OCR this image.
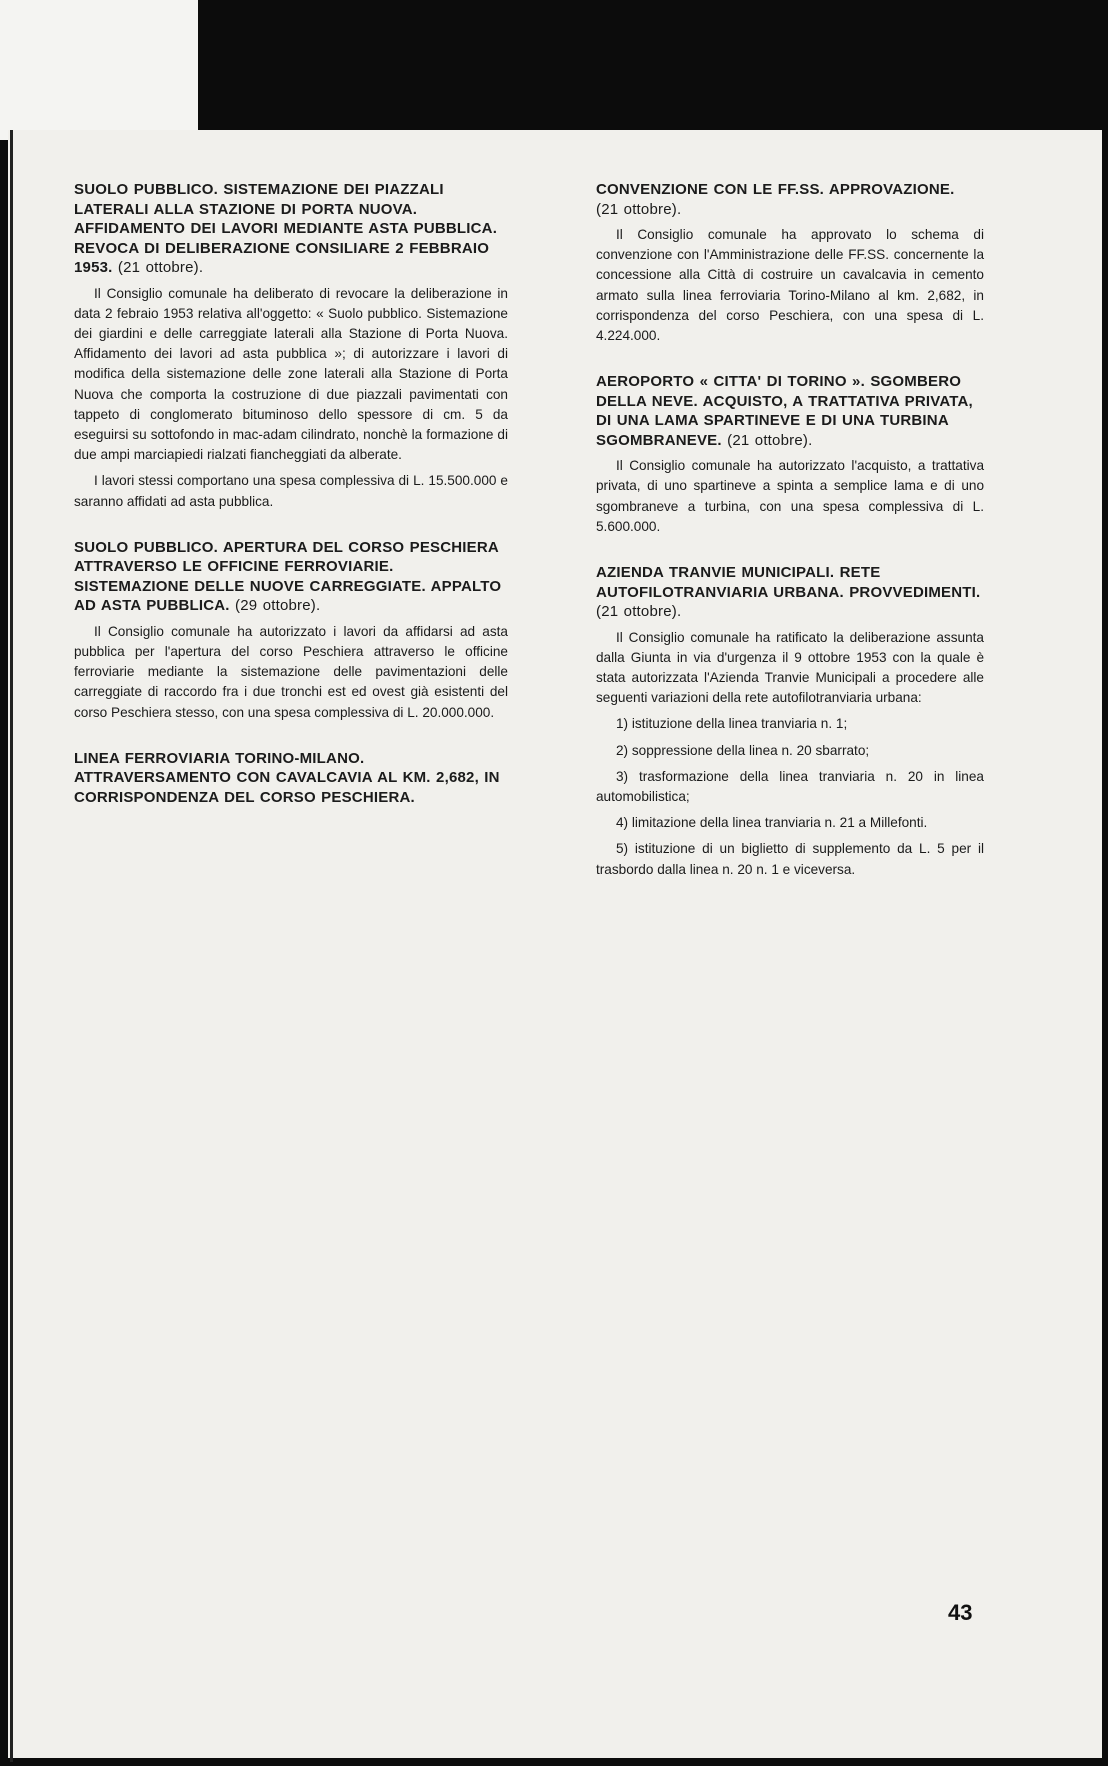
SUOLO PUBBLICO. SISTEMAZIONE DEI PIAZZALI LATERALI ALLA STAZIONE DI PORTA NUOVA. AFFIDAMENTO DEI LAVORI MEDIANTE ASTA PUBBLICA. REVOCA DI DELIBERAZIONE CONSILIARE 2 FEBBRAIO 1953. (21 ottobre).

Il Consiglio comunale ha deliberato di revocare la deliberazione in data 2 febraio 1953 relativa all'oggetto: « Suolo pubblico. Sistemazione dei giardini e delle carreggiate laterali alla Stazione di Porta Nuova. Affidamento dei lavori ad asta pubblica »; di autorizzare i lavori di modifica della sistemazione delle zone laterali alla Stazione di Porta Nuova che comporta la costruzione di due piazzali pavimentati con tappeto di conglomerato bituminoso dello spessore di cm. 5 da eseguirsi su sottofondo in mac-adam cilindrato, nonchè la formazione di due ampi marciapiedi rialzati fiancheggiati da alberate.

I lavori stessi comportano una spesa complessiva di L. 15.500.000 e saranno affidati ad asta pubblica.

SUOLO PUBBLICO. APERTURA DEL CORSO PESCHIERA ATTRAVERSO LE OFFICINE FERROVIARIE. SISTEMAZIONE DELLE NUOVE CARREGGIATE. APPALTO AD ASTA PUBBLICA. (29 ottobre).

Il Consiglio comunale ha autorizzato i lavori da affidarsi ad asta pubblica per l'apertura del corso Peschiera attraverso le officine ferroviarie mediante la sistemazione delle pavimentazioni delle carreggiate di raccordo fra i due tronchi est ed ovest già esistenti del corso Peschiera stesso, con una spesa complessiva di L. 20.000.000.

LINEA FERROVIARIA TORINO-MILANO. ATTRAVERSAMENTO CON CAVALCAVIA AL KM. 2,682, IN CORRISPONDENZA DEL CORSO PESCHIERA.
CONVENZIONE CON LE FF.SS. APPROVAZIONE.
(21 ottobre).

Il Consiglio comunale ha approvato lo schema di convenzione con l'Amministrazione delle FF.SS. concernente la concessione alla Città di costruire un cavalcavia in cemento armato sulla linea ferroviaria Torino-Milano al km. 2,682, in corrispondenza del corso Peschiera, con una spesa di L. 4.224.000.

AEROPORTO « CITTA' DI TORINO ». SGOMBERO DELLA NEVE. ACQUISTO, A TRATTATIVA PRIVATA, DI UNA LAMA SPARTINEVE E DI UNA TURBINA SGOMBRANEVE. (21 ottobre).

Il Consiglio comunale ha autorizzato l'acquisto, a trattativa privata, di uno spartineve a spinta a semplice lama e di uno sgombraneve a turbina, con una spesa complessiva di L. 5.600.000.

AZIENDA TRANVIE MUNICIPALI. RETE AUTOFILOTRANVIARIA URBANA. PROVVEDIMENTI. (21 ottobre).

Il Consiglio comunale ha ratificato la deliberazione assunta dalla Giunta in via d'urgenza il 9 ottobre 1953 con la quale è stata autorizzata l'Azienda Tranvie Municipali a procedere alle seguenti variazioni della rete autofilotranviaria urbana:

1) istituzione della linea tranviaria n. 1;
2) soppressione della linea n. 20 sbarrato;
3) trasformazione della linea tranviaria n. 20 in linea automobilistica;
4) limitazione della linea tranviaria n. 21 a Millefonti.
5) istituzione di un biglietto di supplemento da L. 5 per il trasbordo dalla linea n. 20 n. 1 e viceversa.
43
